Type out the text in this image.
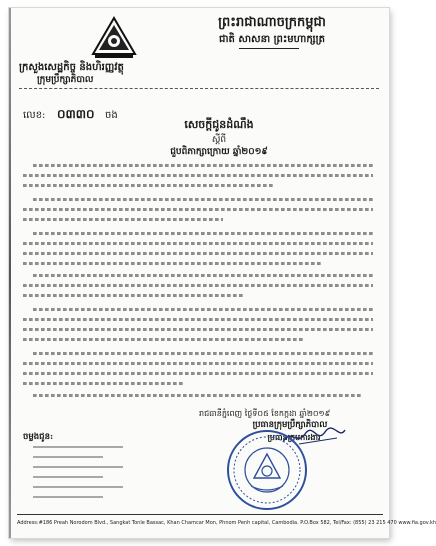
ព្រះរាជាណាចក្រកម្ពុជា
ជាតិ សាសនា ព្រះមហាក្សត្រ
ក្រសួងសេដ្ឋកិច្ច និងហិរញ្ញវត្ថុ
ក្រុមប្រឹក្សាភិបាល
លេខ: ០៣៣០ ចង
សេចក្តីជូនដំណឹង
ស្តីពី
ជួបពិភាក្សាក្រោយ ឆ្នាំ២០១៩
រាជធានីភ្នំពេញ ថ្ងៃទី០៥ ខែកក្កដា ឆ្នាំ២០១៩
ប្រធានក្រុមប្រឹក្សាភិបាល
ប្រធានក្រុមការងារ
ចម្លងជូន:
Address:#186 Preah Norodom Blvd., Sangkat Tonle Bassac, Khan Chamcar Mon, Phnom Penh capital, Cambodia. P.O.Box 582, Tel/Fax: (855) 23 215 470 www.fia.gov.kh
